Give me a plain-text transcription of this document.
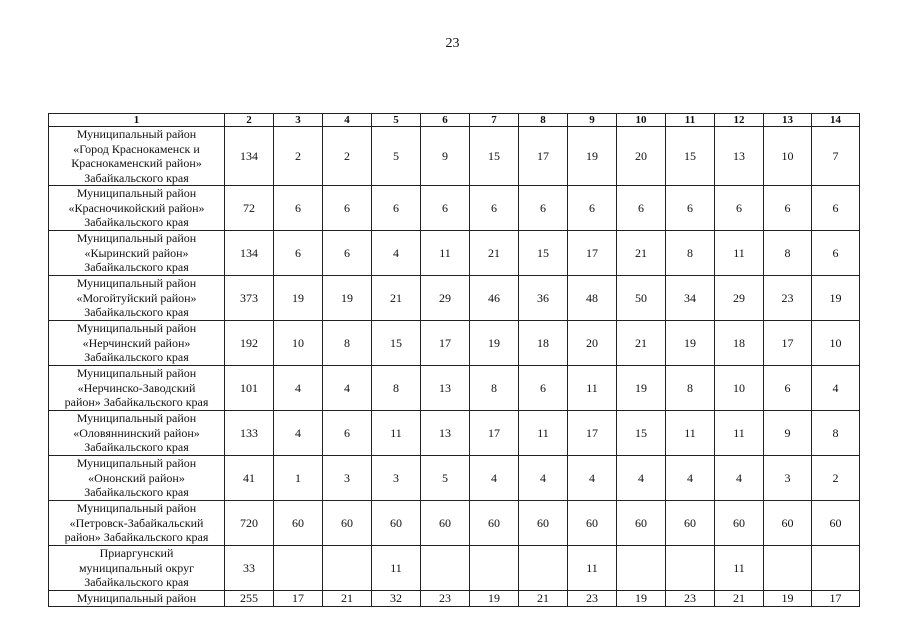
23
1	2	3	4	5	6	7	8	9	10	11	12	13	14

Муниципальный район
«Город Краснокаменск и
Краснокаменский район»
Забайкальского края	134	2	2	5	9	15	17	19	20	15	13	10	7

Муниципальный район
«Красночикойский район»
Забайкальского края	72	6	6	6	6	6	6	6	6	6	6	6	6

Муниципальный район
«Кыринский район»
Забайкальского края	134	6	6	4	11	21	15	17	21	8	11	8	6

Муниципальный район
«Могойтуйский район»
Забайкальского края	373	19	19	21	29	46	36	48	50	34	29	23	19

Муниципальный район
«Нерчинский район»
Забайкальского края	192	10	8	15	17	19	18	20	21	19	18	17	10

Муниципальный район
«Нерчинско-Заводский
район» Забайкальского края	101	4	4	8	13	8	6	11	19	8	10	6	4

Муниципальный район
«Оловяннинский район»
Забайкальского края	133	4	6	11	13	17	11	17	15	11	11	9	8

Муниципальный район
«Ононский район»
Забайкальского края	41	1	3	3	5	4	4	4	4	4	4	3	2

Муниципальный район
«Петровск-Забайкальский
район» Забайкальского края	720	60	60	60	60	60	60	60	60	60	60	60	60

Приаргунский
муниципальный округ
Забайкальского края	33			11				11			11		

Муниципальный район	255	17	21	32	23	19	21	23	19	23	21	19	17
